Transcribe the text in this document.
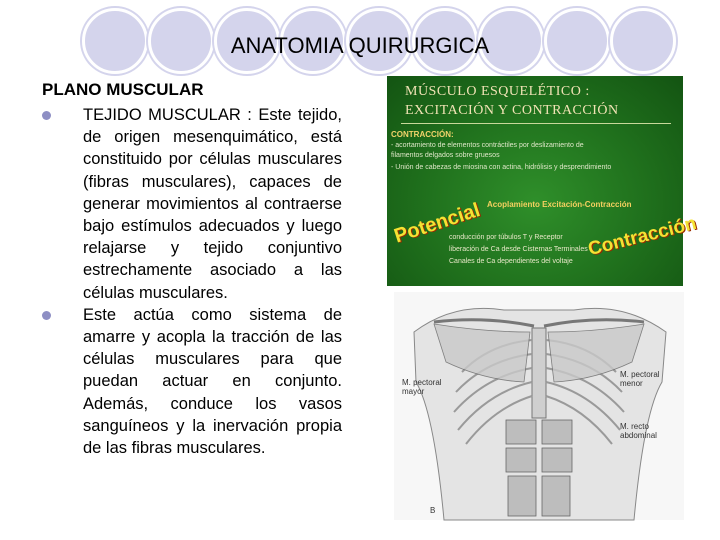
ANATOMIA QUIRURGICA
PLANO MUSCULAR
TEJIDO MUSCULAR : Este tejido, de origen mesenquimático, está constituido por células musculares (fibras musculares), capaces de generar movimientos al contraerse bajo estímulos adecuados y luego relajarse y tejido conjuntivo estrechamente asociado a las células musculares.
Este actúa como sistema de amarre y acopla la tracción de las células musculares para que puedan actuar en conjunto. Además, conduce los vasos sanguíneos y la inervación propia de las fibras musculares.
MÚSCULO ESQUELÉTICO :
EXCITACIÓN Y CONTRACCIÓN
CONTRACCIÓN:
- acortamiento de elementos contráctiles por deslizamiento de
filamentos delgados sobre gruesos
- Unión de cabezas de miosina con actina, hidrólisis y desprendimiento
Acoplamiento Excitación-Contracción
Potencial	Contracción
conducción por túbulos T y Receptor
liberación de Ca desde Cisternas Terminales
Canales de Ca dependientes del voltaje
M. pectoral mayor
M. pectoral menor
M. recto abdominal
B
